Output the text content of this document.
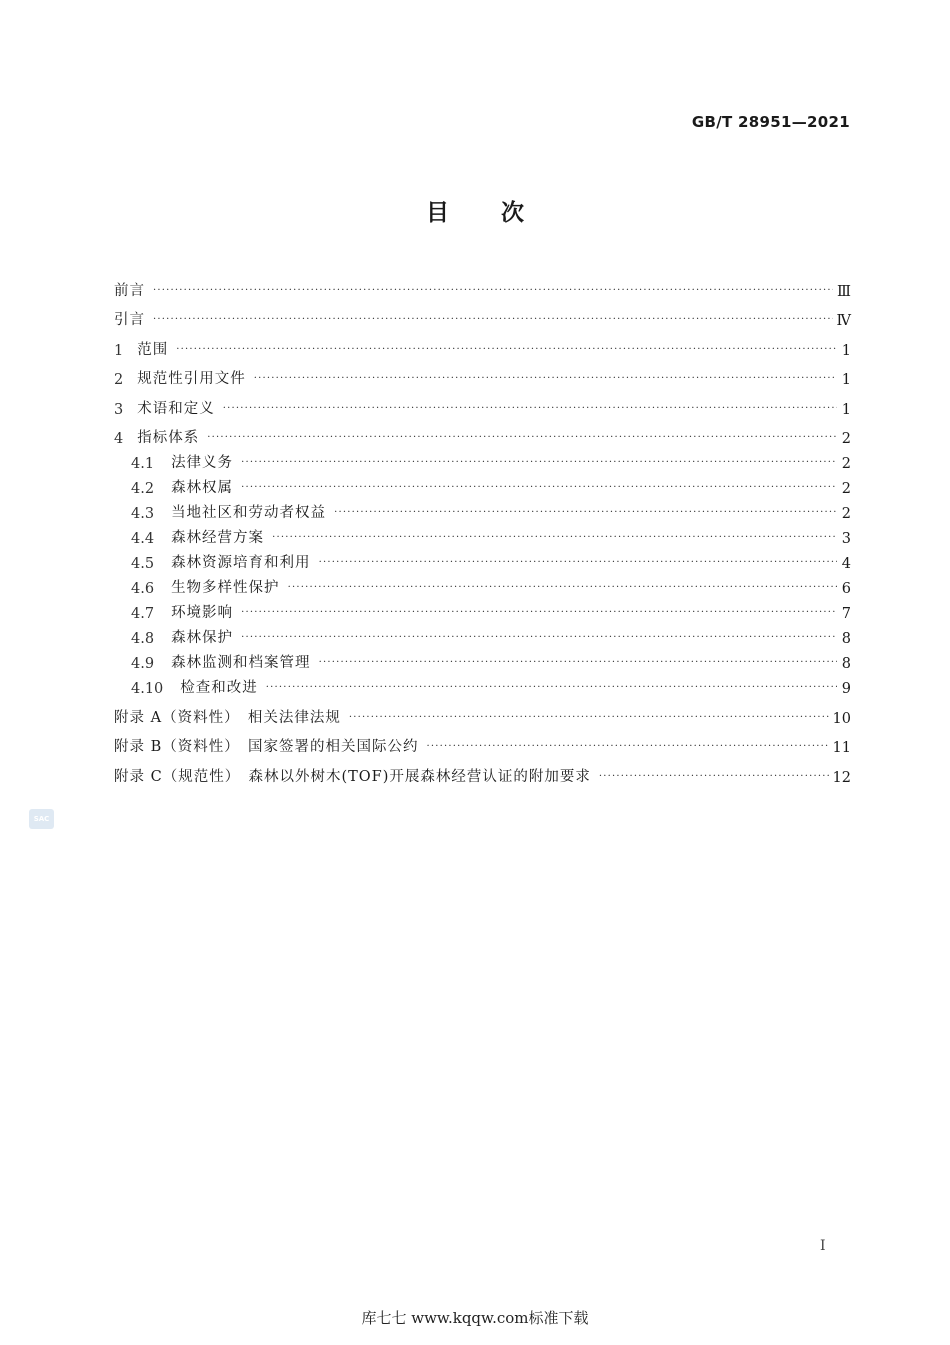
GB/T 28951—2021
目 次
SAC
前言 ·····	Ⅲ
引言 ·····	Ⅳ
1 范围 ·····	1
2 规范性引用文件 ·····	1
3 术语和定义 ·····	1
4 指标体系 ·····	2
4.1 法律义务 ·····	2
4.2 森林权属 ·····	2
4.3 当地社区和劳动者权益 ·····	2
4.4 森林经营方案 ·····	3
4.5 森林资源培育和利用 ·····	4
4.6 生物多样性保护 ·····	6
4.7 环境影响 ·····	7
4.8 森林保护 ·····	8
4.9 森林监测和档案管理 ·····	8
4.10 检查和改进 ·····	9
附录 A（资料性）　相关法律法规 ·····	10
附录 B（资料性）　国家签署的相关国际公约 ·····	11
附录 C（规范性）　森林以外树木(TOF)开展森林经营认证的附加要求 ·····	12
I
库七七 www.kqqw.com标准下载
